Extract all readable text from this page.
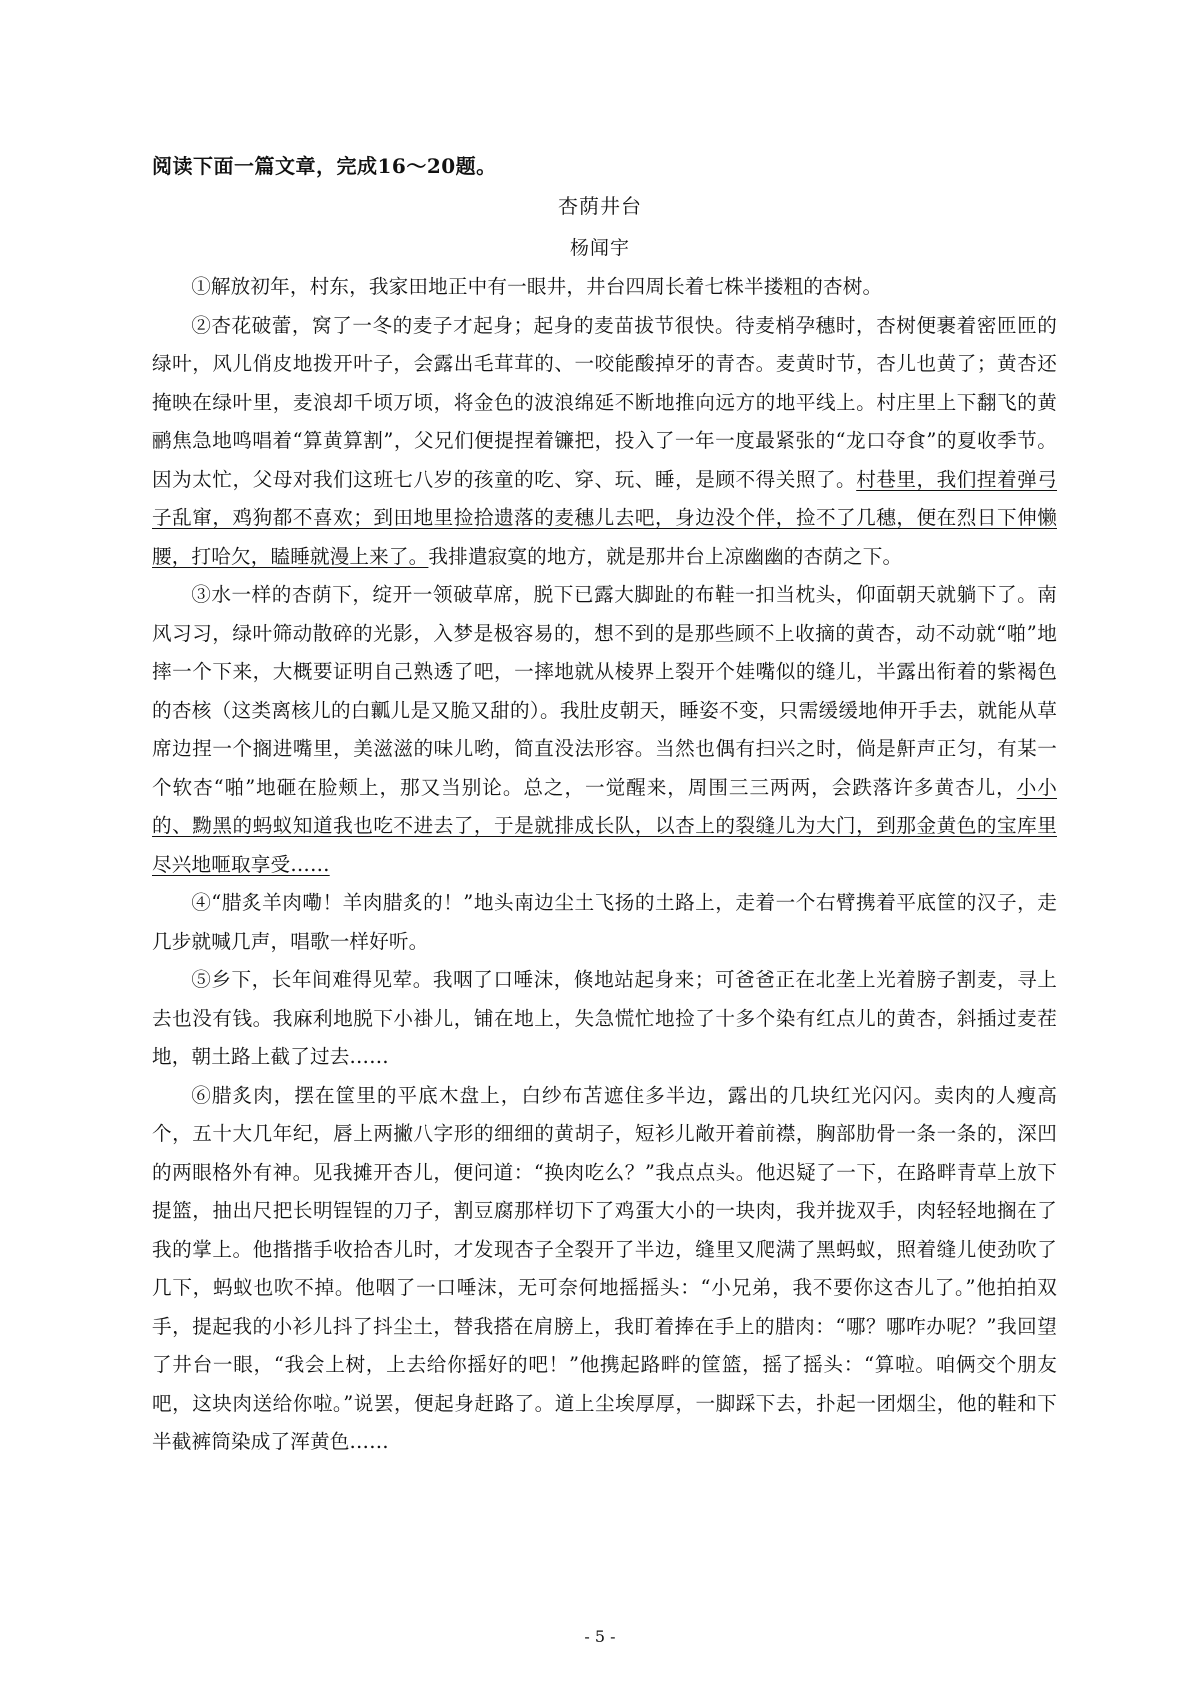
阅读下面一篇文章，完成16～20题。
杏荫井台
杨闻宇

①解放初年，村东，我家田地正中有一眼井，井台四周长着七株半搂粗的杏树。

②杏花破蕾，窝了一冬的麦子才起身；起身的麦苗拔节很快。待麦梢孕穗时，杏树便裹着密匝匝的绿叶，风儿俏皮地拨开叶子，会露出毛茸茸的、一咬能酸掉牙的青杏。麦黄时节，杏儿也黄了；黄杏还掩映在绿叶里，麦浪却千顷万顷，将金色的波浪绵延不断地推向远方的地平线上。村庄里上下翻飞的黄鹂焦急地鸣唱着“算黄算割”，父兄们便提捏着镰把，投入了一年一度最紧张的“龙口夺食”的夏收季节。因为太忙，父母对我们这班七八岁的孩童的吃、穿、玩、睡，是顾不得关照了。村巷里，我们捏着弹弓子乱窜，鸡狗都不喜欢；到田地里捡拾遗落的麦穗儿去吧，身边没个伴，捡不了几穗，便在烈日下伸懒腰，打哈欠，瞌睡就漫上来了。我排遣寂寞的地方，就是那井台上凉幽幽的杏荫之下。

③水一样的杏荫下，绽开一领破草席，脱下已露大脚趾的布鞋一扣当枕头，仰面朝天就躺下了。南风习习，绿叶筛动散碎的光影，入梦是极容易的，想不到的是那些顾不上收摘的黄杏，动不动就“啪”地摔一个下来，大概要证明自己熟透了吧，一摔地就从棱界上裂开个娃嘴似的缝儿，半露出衔着的紫褐色的杏核（这类离核儿的白瓤儿是又脆又甜的）。我肚皮朝天，睡姿不变，只需缓缓地伸开手去，就能从草席边捏一个搁进嘴里，美滋滋的味儿哟，简直没法形容。当然也偶有扫兴之时，倘是鼾声正匀，有某一个软杏“啪”地砸在脸颊上，那又当别论。总之，一觉醒来，周围三三两两，会跌落许多黄杏儿，小小的、黝黑的蚂蚁知道我也吃不进去了，于是就排成长队，以杏上的裂缝儿为大门，到那金黄色的宝库里尽兴地咂取享受……

④“腊炙羊肉嘞！羊肉腊炙的！”地头南边尘土飞扬的土路上，走着一个右臂携着平底筐的汉子，走几步就喊几声，唱歌一样好听。

⑤乡下，长年间难得见荤。我咽了口唾沫，倏地站起身来；可爸爸正在北垄上光着膀子割麦，寻上去也没有钱。我麻利地脱下小褂儿，铺在地上，失急慌忙地捡了十多个染有红点儿的黄杏，斜插过麦茬地，朝土路上截了过去……

⑥腊炙肉，摆在筐里的平底木盘上，白纱布苫遮住多半边，露出的几块红光闪闪。卖肉的人瘦高个，五十大几年纪，唇上两撇八字形的细细的黄胡子，短衫儿敞开着前襟，胸部肋骨一条一条的，深凹的两眼格外有神。见我摊开杏儿，便问道：“换肉吃么？”我点点头。他迟疑了一下，在路畔青草上放下提篮，抽出尺把长明锃锃的刀子，割豆腐那样切下了鸡蛋大小的一块肉，我并拢双手，肉轻轻地搁在了我的掌上。他揩揩手收拾杏儿时，才发现杏子全裂开了半边，缝里又爬满了黑蚂蚁，照着缝儿使劲吹了几下，蚂蚁也吹不掉。他咽了一口唾沫，无可奈何地摇摇头：“小兄弟，我不要你这杏儿了。”他拍拍双手，提起我的小衫儿抖了抖尘土，替我搭在肩膀上，我盯着捧在手上的腊肉：“哪？哪咋办呢？”我回望了井台一眼，“我会上树，上去给你摇好的吧！”他携起路畔的筐篮，摇了摇头：“算啦。咱俩交个朋友吧，这块肉送给你啦。”说罢，便起身赶路了。道上尘埃厚厚，一脚踩下去，扑起一团烟尘，他的鞋和下半截裤筒染成了浑黄色……

- 5 -
